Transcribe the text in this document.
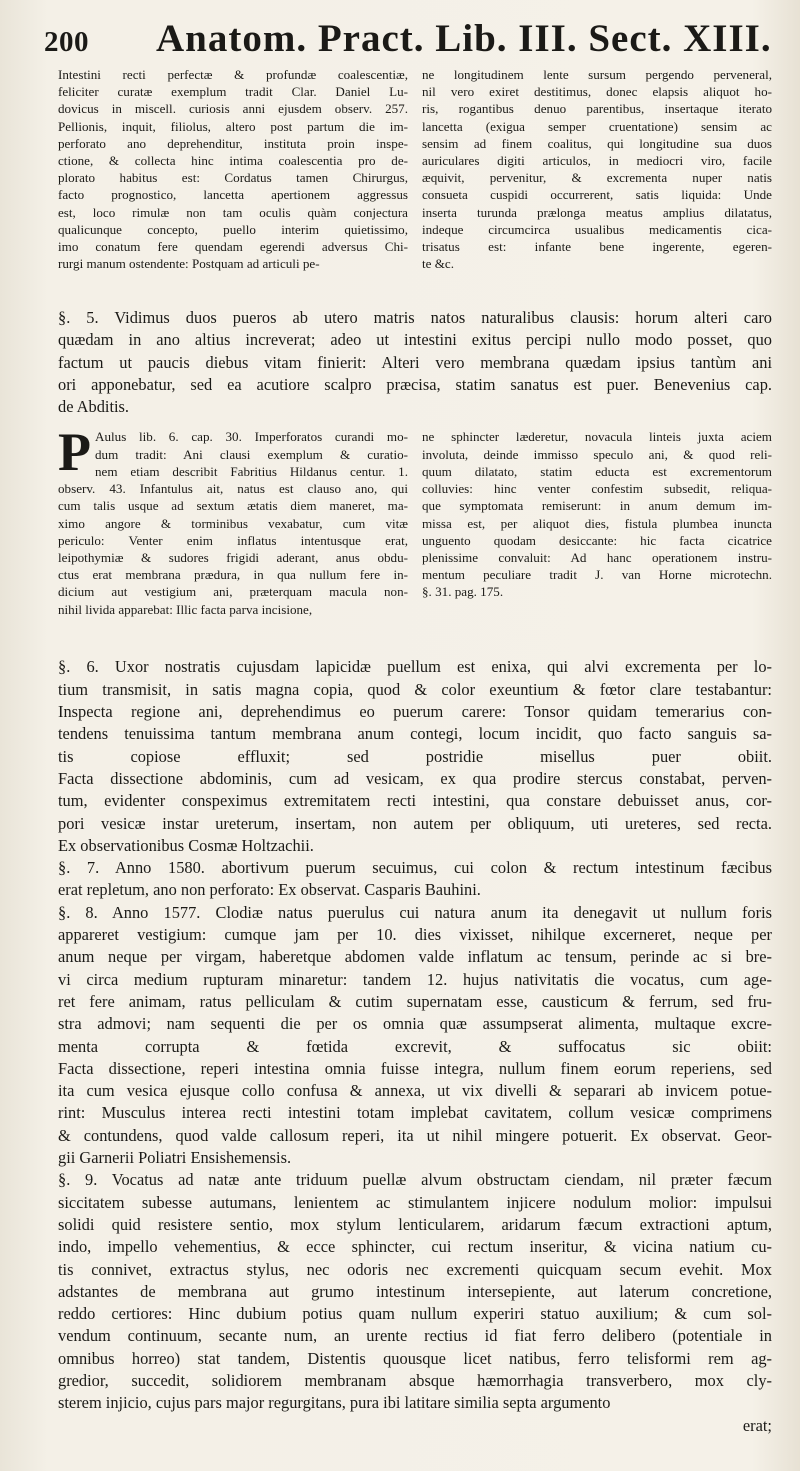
200 Anatom. Pract. Lib. III. Sect. XIII.
Intestini recti perfectæ & profundæ coalescentiæ,
feliciter curatæ exemplum tradit Clar. Daniel Lu-
dovicus in miscell. curiosis anni ejusdem observ. 257.
Pellionis, inquit, filiolus, altero post partum die im-
perforato ano deprehenditur, instituta proin inspe-
ctione, & collecta hinc intima coalescentia pro de-
plorato habitus est: Cordatus tamen Chirurgus,
facto prognostico, lancetta apertionem aggressus
est, loco rimulæ non tam oculis quàm conjectura
qualicunque concepto, puello interim quietissimo,
imo conatum fere quendam egerendi adversus Chi-
rurgi manum ostendente: Postquam ad articuli pe-
ne longitudinem lente sursum pergendo perveneral,
nil vero exiret destitimus, donec elapsis aliquot ho-
ris, rogantibus denuo parentibus, insertaque iterato
lancetta (exigua semper cruentatione) sensim ac
sensim ad finem coalitus, qui longitudine sua duos
auriculares digiti articulos, in mediocri viro, facile
æquivit, pervenitur, & excrementa nuper natis
consueta cuspidi occurrerent, satis liquida: Unde
inserta turunda prælonga meatus amplius dilatatus,
indeque circumcirca usualibus medicamentis cica-
trisatus est: infante bene ingerente, egeren-
te &c.
§. 5. Vidimus duos pueros ab utero matris natos naturalibus clausis: horum alteri caro
quædam in ano altius increverat; adeo ut intestini exitus percipi nullo modo posset, quo
factum ut paucis diebus vitam finierit: Alteri vero membrana quædam ipsius tantùm ani
ori apponebatur, sed ea acutiore scalpro præcisa, statim sanatus est puer. Benevenius cap.
de Abditis.
P Aulus lib. 6. cap. 30. Imperforatos curandi mo-
dum tradit: Ani clausi exemplum & curatio-
nem etiam describit Fabritius Hildanus centur. 1.
observ. 43. Infantulus ait, natus est clauso ano, qui
cum talis usque ad sextum ætatis diem maneret, ma-
ximo angore & torminibus vexabatur, cum vitæ
periculo: Venter enim inflatus intentusque erat,
leipothymiæ & sudores frigidi aderant, anus obdu-
ctus erat membrana prædura, in qua nullum fere in-
dicium aut vestigium ani, præterquam macula non-
nihil livida apparebat: Illic facta parva incisione,
ne sphincter læderetur, novacula linteis juxta aciem
involuta, deinde immisso speculo ani, & quod reli-
quum dilatato, statim educta est excrementorum
colluvies: hinc venter confestim subsedit, reliqua-
que symptomata remiserunt: in anum demum im-
missa est, per aliquot dies, fistula plumbea inuncta
unguento quodam desiccante: hic facta cicatrice
plenissime convaluit: Ad hanc operationem instru-
mentum peculiare tradit J. van Horne microtechn.
§. 31. pag. 175.
§. 6. Uxor nostratis cujusdam lapicidæ puellum est enixa, qui alvi excrementa per lo-
tium transmisit, in satis magna copia, quod & color exeuntium & fœtor clare testabantur:
Inspecta regione ani, deprehendimus eo puerum carere: Tonsor quidam temerarius con-
tendens tenuissima tantum membrana anum contegi, locum incidit, quo facto sanguis sa-
tis copiose effluxit; sed postridie misellus puer obiit.
Facta dissectione abdominis, cum ad vesicam, ex qua prodire stercus constabat, perven-
tum, evidenter conspeximus extremitatem recti intestini, qua constare debuisset anus, cor-
pori vesicæ instar ureterum, insertam, non autem per obliquum, uti ureteres, sed recta.
Ex observationibus Cosmæ Holtzachii.
§. 7. Anno 1580. abortivum puerum secuimus, cui colon & rectum intestinum fæcibus
erat repletum, ano non perforato: Ex observat. Casparis Bauhini.
§. 8. Anno 1577. Clodiæ natus puerulus cui natura anum ita denegavit ut nullum foris
appareret vestigium: cumque jam per 10. dies vixisset, nihilque excerneret, neque per
anum neque per virgam, haberetque abdomen valde inflatum ac tensum, perinde ac si bre-
vi circa medium rupturam minaretur: tandem 12. hujus nativitatis die vocatus, cum age-
ret fere animam, ratus pelliculam & cutim supernatam esse, causticum & ferrum, sed fru-
stra admovi; nam sequenti die per os omnia quæ assumpserat alimenta, multaque excre-
menta corrupta & fœtida excrevit, & suffocatus sic obiit:
Facta dissectione, reperi intestina omnia fuisse integra, nullum finem eorum reperiens, sed
ita cum vesica ejusque collo confusa & annexa, ut vix divelli & separari ab invicem potue-
rint: Musculus interea recti intestini totam implebat cavitatem, collum vesicæ comprimens
& contundens, quod valde callosum reperi, ita ut nihil mingere potuerit. Ex observat. Geor-
gii Garnerii Poliatri Ensishemensis.
§. 9. Vocatus ad natæ ante triduum puellæ alvum obstructam ciendam, nil præter fæcum
siccitatem subesse autumans, lenientem ac stimulantem injicere nodulum molior: impulsui
solidi quid resistere sentio, mox stylum lenticularem, aridarum fæcum extractioni aptum,
indo, impello vehementius, & ecce sphincter, cui rectum inseritur, & vicina natium cu-
tis connivet, extractus stylus, nec odoris nec excrementi quicquam secum evehit. Mox
adstantes de membrana aut grumo intestinum intersepiente, aut laterum concretione,
reddo certiores: Hinc dubium potius quam nullum experiri statuo auxilium; & cum sol-
vendum continuum, secante num, an urente rectius id fiat ferro delibero (potentiale in
omnibus horreo) stat tandem, Distentis quousque licet natibus, ferro telisformi rem ag-
gredior, succedit, solidiorem membranam absque hæmorrhagia transverbero, mox cly-
sterem injicio, cujus pars major regurgitans, pura ibi latitare similia septa argumento
erat;
